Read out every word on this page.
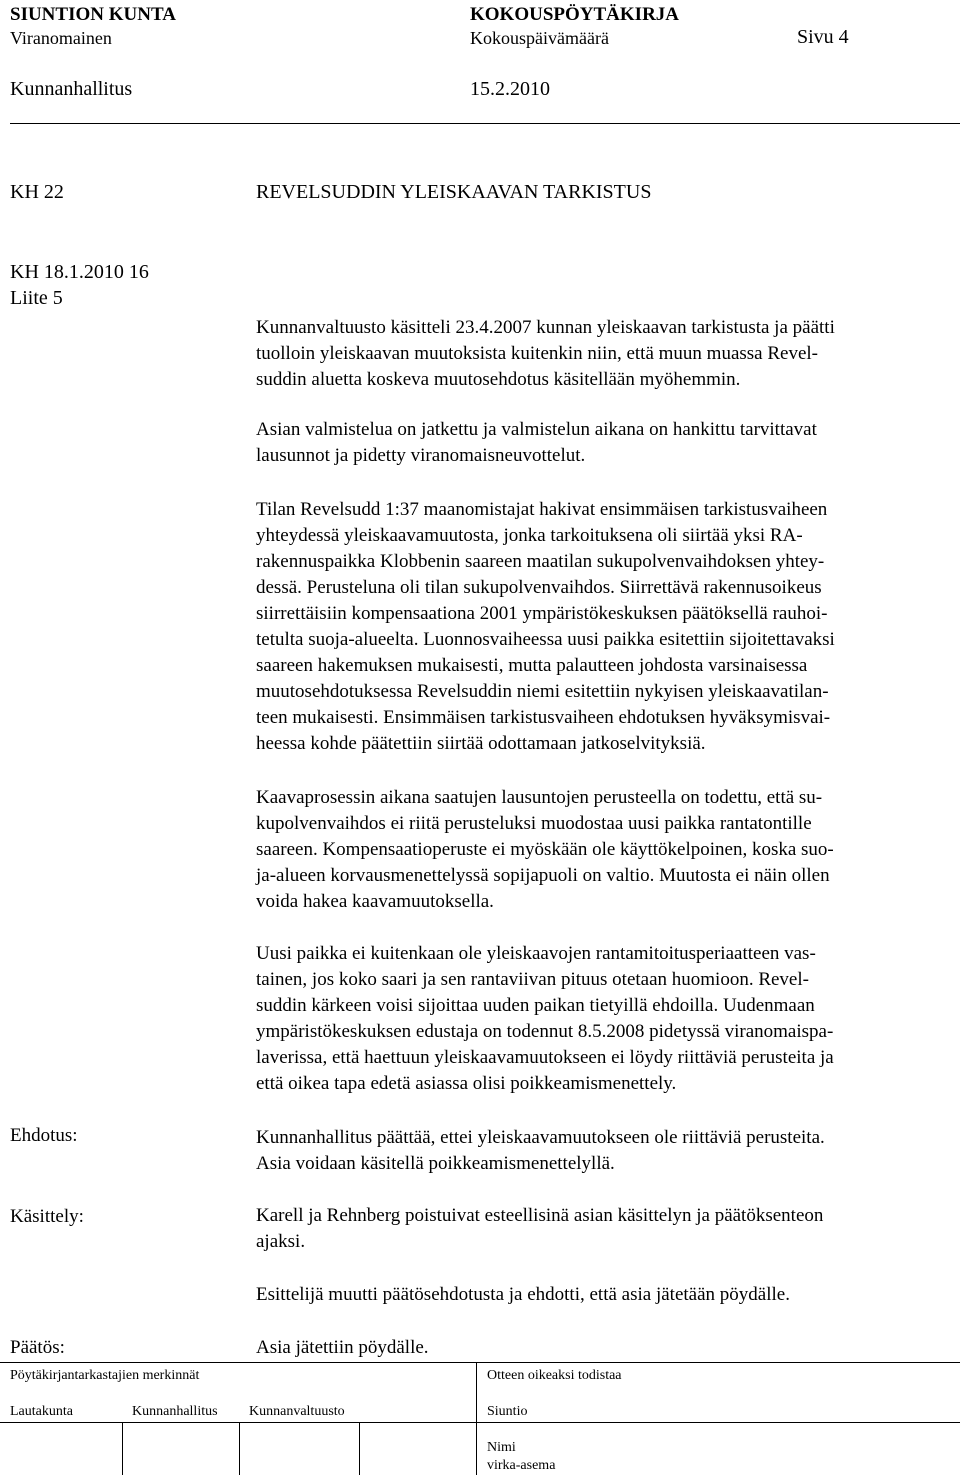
SIUNTION KUNTA	KOKOUSPÖYTÄKIRJA
Viranomainen	Kokouspäivämäärä	Sivu 4
Kunnanhallitus	15.2.2010
KH 22	REVELSUDDIN YLEISKAAVAN TARKISTUS
KH 18.1.2010 16
Liite 5

Kunnanvaltuusto käsitteli 23.4.2007 kunnan yleiskaavan tarkistusta ja päätti

tuolloin yleiskaavan muutoksista kuitenkin niin, että muun muassa Revel-

suddin aluetta koskeva muutosehdotus käsitellään myöhemmin.

Asian valmistelua on jatkettu ja valmistelun aikana on hankittu tarvittavat

lausunnot ja pidetty viranomaisneuvottelut.

Tilan Revelsudd 1:37 maanomistajat hakivat ensimmäisen tarkistusvaiheen

yhteydessä yleiskaavamuutosta, jonka tarkoituksena oli siirtää yksi RA-

rakennuspaikka Klobbenin saareen maatilan sukupolvenvaihdoksen yhtey-

dessä. Perusteluna oli tilan sukupolvenvaihdos. Siirrettävä rakennusoikeus

siirrettäisiin kompensaationa 2001 ympäristökeskuksen päätöksellä rauhoi-

tetulta suoja-alueelta. Luonnosvaiheessa uusi paikka esitettiin sijoitettavaksi

saareen hakemuksen mukaisesti, mutta palautteen johdosta varsinaisessa

muutosehdotuksessa Revelsuddin niemi esitettiin nykyisen yleiskaavatilan-

teen mukaisesti. Ensimmäisen tarkistusvaiheen ehdotuksen hyväksymisvai-

heessa kohde päätettiin siirtää odottamaan jatkoselvityksiä.

Kaavaprosessin aikana saatujen lausuntojen perusteella on todettu, että su-

kupolvenvaihdos ei riitä perusteluksi muodostaa uusi paikka rantatontille

saareen. Kompensaatioperuste ei myöskään ole käyttökelpoinen, koska suo-

ja-alueen korvausmenettelyssä sopijapuoli on valtio. Muutosta ei näin ollen

voida hakea kaavamuutoksella.

Uusi paikka ei kuitenkaan ole yleiskaavojen rantamitoitusperiaatteen vas-

tainen, jos koko saari ja sen rantaviivan pituus otetaan huomioon. Revel-

suddin kärkeen voisi sijoittaa uuden paikan tietyillä ehdoilla. Uudenmaan

ympäristökeskuksen edustaja on todennut 8.5.2008 pidetyssä viranomaispa-

laverissa, että haettuun yleiskaavamuutokseen ei löydy riittäviä perusteita ja

että oikea tapa edetä asiassa olisi poikkeamismenettely.

Ehdotus:	Kunnanhallitus päättää, ettei yleiskaavamuutokseen ole riittäviä perusteita.

Asia voidaan käsitellä poikkeamismenettelyllä.

Käsittely:	Karell ja Rehnberg poistuivat esteellisinä asian käsittelyn ja päätöksenteon

ajaksi.

Esittelijä muutti päätösehdotusta ja ehdotti, että asia jätetään pöydälle.

Päätös:	Asia jätettiin pöydälle.

Pöytäkirjantarkastajien merkinnät	Otteen oikeaksi todistaa
Lautakunta	Kunnanhallitus Kunnanvaltuusto	Siuntio
Nimi
virka-asema
